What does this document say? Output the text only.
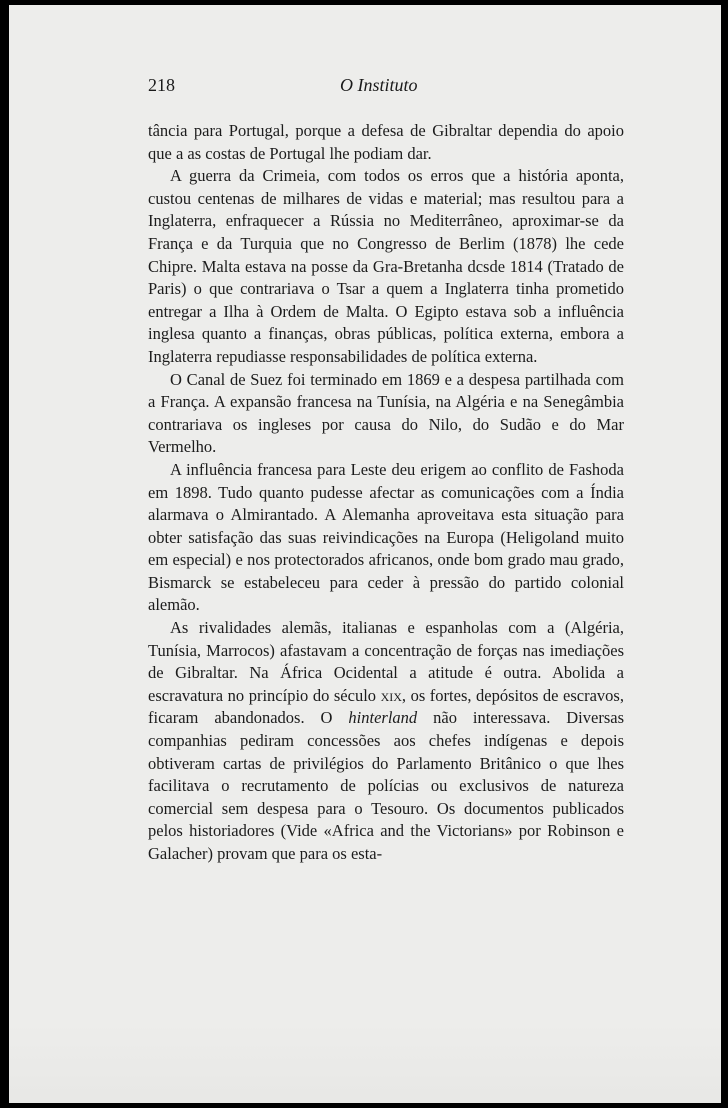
218	O Instituto

tância para Portugal, porque a defesa de Gibraltar dependia do apoio que a as costas de Portugal lhe podiam dar.

A guerra da Crimeia, com todos os erros que a história aponta, custou centenas de milhares de vidas e material; mas resultou para a Inglaterra, enfraquecer a Rússia no Mediterrâneo, aproximar-se da França e da Turquia que no Congresso de Berlim (1878) lhe cede Chipre. Malta estava na posse da Gra-Bretanha dcsde 1814 (Tratado de Paris) o que contrariava o Tsar a quem a Inglaterra tinha prometido entregar a Ilha à Ordem de Malta. O Egipto estava sob a influência inglesa quanto a finanças, obras públicas, política externa, embora a Inglaterra repudiasse responsabilidades de política externa.

O Canal de Suez foi terminado em 1869 e a despesa partilhada com a França. A expansão francesa na Tunísia, na Algéria e na Senegâmbia contrariava os ingleses por causa do Nilo, do Sudão e do Mar Vermelho.

A influência francesa para Leste deu erigem ao conflito de Fashoda em 1898. Tudo quanto pudesse afectar as comunicações com a Índia alarmava o Almirantado. A Alemanha aproveitava esta situação para obter satisfação das suas reivindicações na Europa (Heligoland muito em especial) e nos protectorados africanos, onde bom grado mau grado, Bismarck se estabeleceu para ceder à pressão do partido colonial alemão.

As rivalidades alemãs, italianas e espanholas com a (Algéria, Tunísia, Marrocos) afastavam a concentração de forças nas imediações de Gibraltar. Na África Ocidental a atitude é outra. Abolida a escravatura no princípio do século xix, os fortes, depósitos de escravos, ficaram abandonados. O hinterland não interessava. Diversas companhias pediram concessões aos chefes indígenas e depois obtiveram cartas de privilégios do Parlamento Britânico o que lhes facilitava o recrutamento de polícias ou exclusivos de natureza comercial sem despesa para o Tesouro. Os documentos publicados pelos historiadores (Vide «Africa and the Victorians» por Robinson e Galacher) provam que para os esta-
